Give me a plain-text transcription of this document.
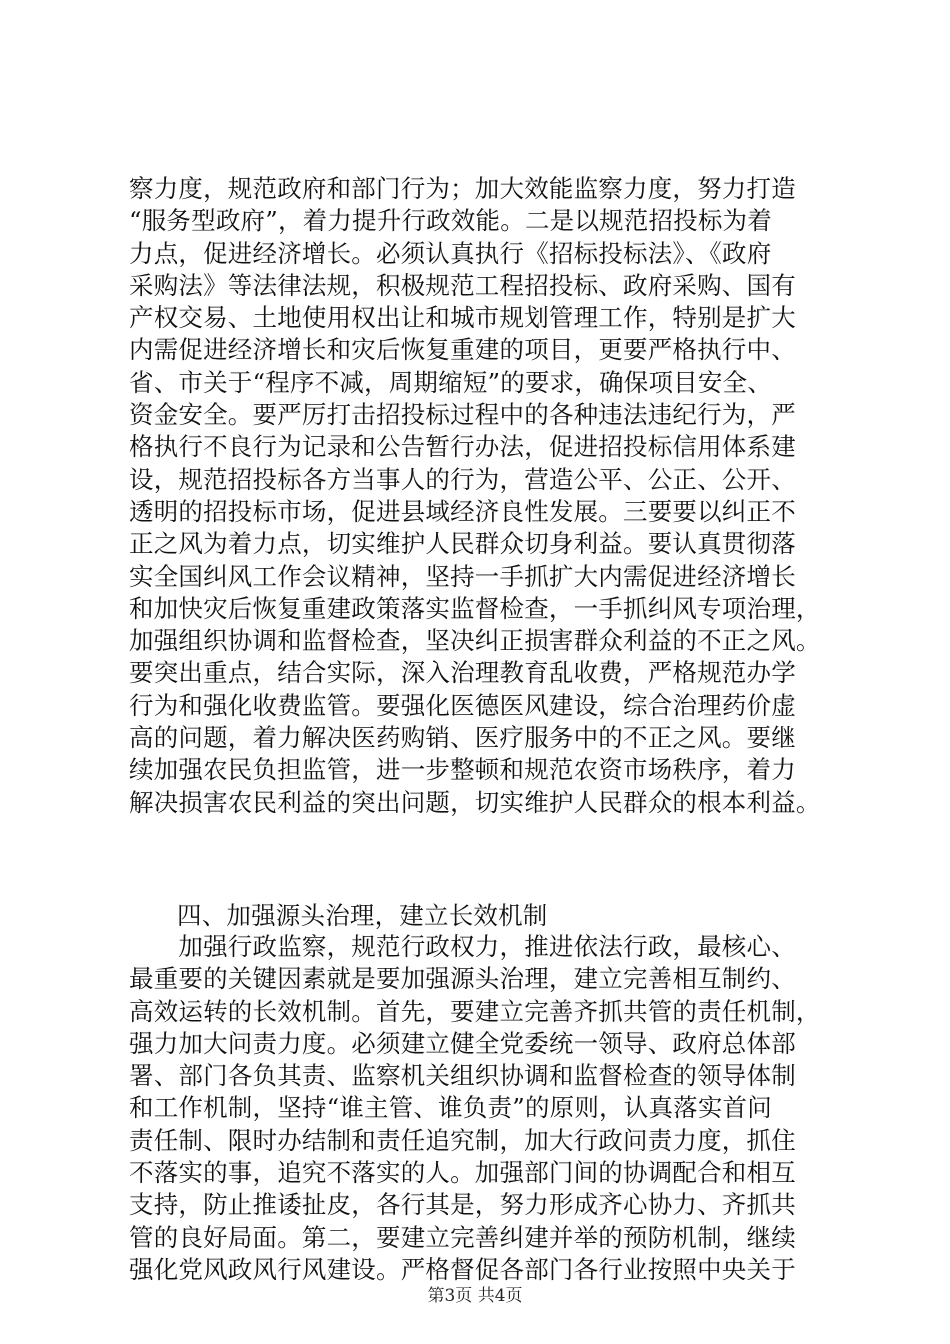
察力度，规范政府和部门行为；加大效能监察力度，努力打造
“服务型政府”，着力提升行政效能。二是以规范招投标为着
力点，促进经济增长。必须认真执行《招标投标法》、《政府
采购法》等法律法规，积极规范工程招投标、政府采购、国有
产权交易、土地使用权出让和城市规划管理工作，特别是扩大
内需促进经济增长和灾后恢复重建的项目，更要严格执行中、
省、市关于“程序不减，周期缩短”的要求，确保项目安全、
资金安全。要严厉打击招投标过程中的各种违法违纪行为，严
格执行不良行为记录和公告暂行办法，促进招投标信用体系建
设，规范招投标各方当事人的行为，营造公平、公正、公开、
透明的招投标市场，促进县域经济良性发展。三要要以纠正不
正之风为着力点，切实维护人民群众切身利益。要认真贯彻落
实全国纠风工作会议精神，坚持一手抓扩大内需促进经济增长
和加快灾后恢复重建政策落实监督检查，一手抓纠风专项治理，
加强组织协调和监督检查，坚决纠正损害群众利益的不正之风。
要突出重点，结合实际，深入治理教育乱收费，严格规范办学
行为和强化收费监管。要强化医德医风建设，综合治理药价虚
高的问题，着力解决医药购销、医疗服务中的不正之风。要继
续加强农民负担监管，进一步整顿和规范农资市场秩序，着力
解决损害农民利益的突出问题，切实维护人民群众的根本利益。
四、加强源头治理，建立长效机制
　　加强行政监察，规范行政权力，推进依法行政，最核心、
最重要的关键因素就是要加强源头治理，建立完善相互制约、
高效运转的长效机制。首先，要建立完善齐抓共管的责任机制，
强力加大问责力度。必须建立健全党委统一领导、政府总体部
署、部门各负其责、监察机关组织协调和监督检查的领导体制
和工作机制，坚持“谁主管、谁负责”的原则，认真落实首问
责任制、限时办结制和责任追究制，加大行政问责力度，抓住
不落实的事，追究不落实的人。加强部门间的协调配合和相互
支持，防止推诿扯皮，各行其是，努力形成齐心协力、齐抓共
管的良好局面。第二，要建立完善纠建并举的预防机制，继续
强化党风政风行风建设。严格督促各部门各行业按照中央关于
第3页 共4页
